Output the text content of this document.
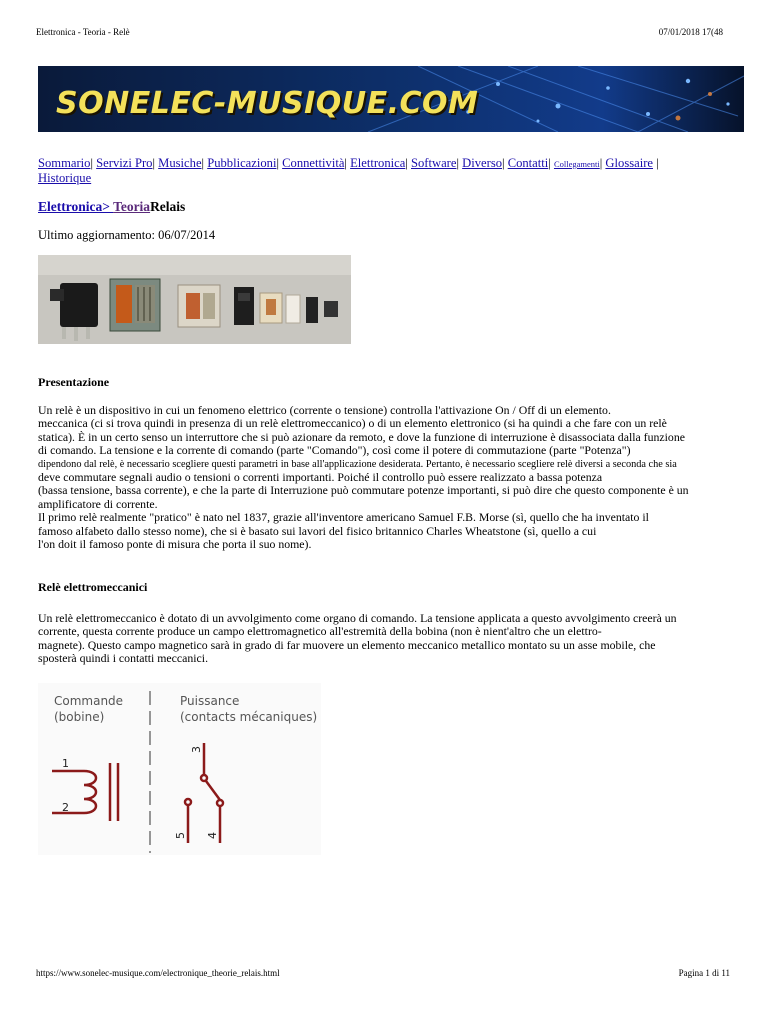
Elettronica - Teoria - Relè	07/01/2018 17(48
SONELEC-MUSIQUE.COM
Sommario| Servizi Pro| Musiche| Pubblicazioni| Connettività| Elettronica| Software| Diverso| Contatti| Collegamenti| Glossaire |
Historique
Elettronica> TeoriaRelais
Ultimo aggiornamento: 06/07/2014
Presentazione
Un relè è un dispositivo in cui un fenomeno elettrico (corrente o tensione) controlla l'attivazione On / Off di un elemento.
meccanica (ci si trova quindi in presenza di un relè elettromeccanico) o di un elemento elettronico (si ha quindi a che fare con un relè
statica). È in un certo senso un interruttore che si può azionare da remoto, e dove la funzione di interruzione è disassociata dalla funzione
di comando. La tensione e la corrente di comando (parte "Comando"), così come il potere di commutazione (parte "Potenza")
dipendono dal relè, è necessario scegliere questi parametri in base all'applicazione desiderata. Pertanto, è necessario scegliere relè diversi a seconda che sia
deve commutare segnali audio o tensioni o correnti importanti. Poiché il controllo può essere realizzato a bassa potenza
(bassa tensione, bassa corrente), e che la parte di Interruzione può commutare potenze importanti, si può dire che questo componente è un
amplificatore di corrente.
Il primo relè realmente "pratico" è nato nel 1837, grazie all'inventore americano Samuel F.B. Morse (sì, quello che ha inventato il
famoso alfabeto dallo stesso nome), che si è basato sui lavori del fisico britannico Charles Wheatstone (sì, quello a cui
l'on doit il famoso ponte di misura che porta il suo nome).
Relè elettromeccanici
Un relè elettromeccanico è dotato di un avvolgimento come organo di comando. La tensione applicata a questo avvolgimento creerà un
corrente, questa corrente produce un campo elettromagnetico all'estremità della bobina (non è nient'altro che un elettro-
magnete). Questo campo magnetico sarà in grado di far muovere un elemento meccanico metallico montato su un asse mobile, che
sposterà quindi i contatti meccanici.
Commande
(bobine)
Puissance
(contacts mécaniques)
1
2
3
4
5
https://www.sonelec-musique.com/electronique_theorie_relais.html	Pagina 1 di 11
